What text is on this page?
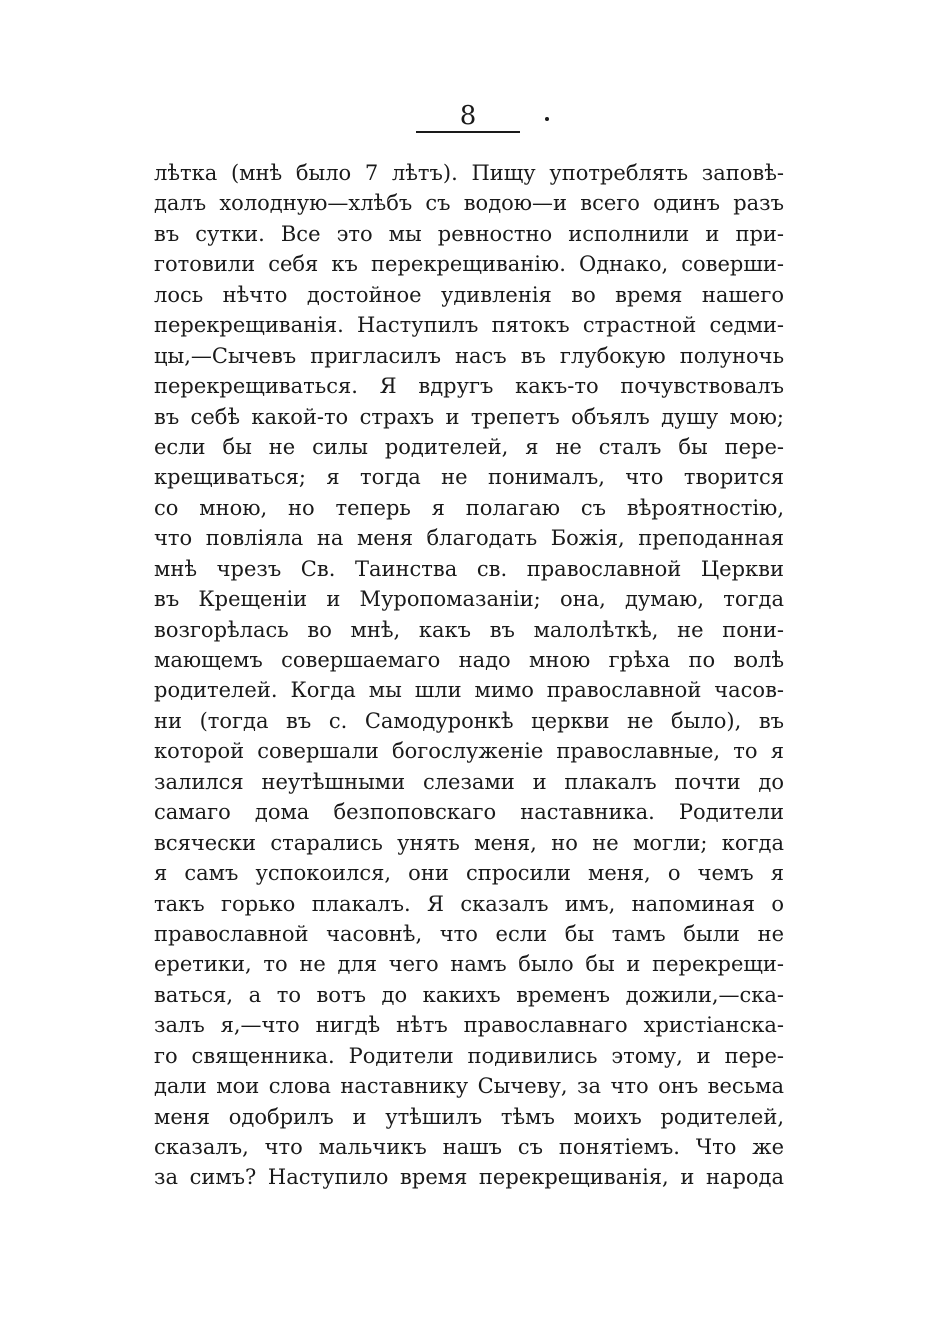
8
лѣтка (мнѣ было 7 лѣтъ). Пищу употреблять заповѣ-
далъ холодную—хлѣбъ съ водою—и всего одинъ разъ
въ сутки. Все это мы ревностно исполнили и при-
готовили себя къ перекрещиванію. Однако, соверши-
лось нѣчто достойное удивленія во время нашего
перекрещиванія. Наступилъ пятокъ страстной седми-
цы,—Сычевъ пригласилъ насъ въ глубокую полуночь
перекрещиваться. Я вдругъ какъ-то почувствовалъ
въ себѣ какой-то страхъ и трепетъ объялъ душу мою;
если бы не силы родителей, я не сталъ бы пере-
крещиваться; я тогда не понималъ, что творится
со мною, но теперь я полагаю съ вѣроятностію,
что повліяла на меня благодать Божія, преподанная
мнѣ чрезъ Св. Таинства св. православной Церкви
въ Крещеніи и Муропомазаніи; она, думаю, тогда
возгорѣлась во мнѣ, какъ въ малолѣткѣ, не пони-
мающемъ совершаемаго надо мною грѣха по волѣ
родителей. Когда мы шли мимо православной часов-
ни (тогда въ с. Самодуронкѣ церкви не было), въ
которой совершали богослуженіе православные, то я
залился неутѣшными слезами и плакалъ почти до
самаго дома безпоповскаго наставника. Родители
всячески старались унять меня, но не могли; когда
я самъ успокоился, они спросили меня, о чемъ я
такъ горько плакалъ. Я сказалъ имъ, напоминая о
православной часовнѣ, что если бы тамъ были не
еретики, то не для чего намъ было бы и перекрещи-
ваться, а то вотъ до какихъ временъ дожили,—ска-
залъ я,—что нигдѣ нѣтъ православнаго христіанска-
го священника. Родители подивились этому, и пере-
дали мои слова наставнику Сычеву, за что онъ весьма
меня одобрилъ и утѣшилъ тѣмъ моихъ родителей,
сказалъ, что мальчикъ нашъ съ понятіемъ. Что же
за симъ? Наступило время перекрещиванія, и народа
